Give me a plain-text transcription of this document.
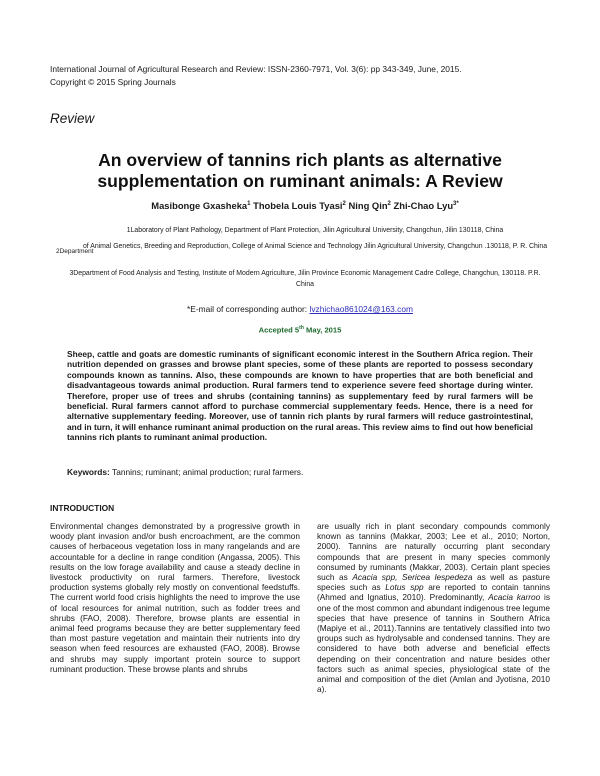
International Journal of Agricultural Research and Review: ISSN-2360-7971, Vol. 3(6): pp 343-349, June, 2015.
Copyright © 2015 Spring Journals
Review
An overview of tannins rich plants as alternative supplementation on ruminant animals: A Review
Masibonge Gxasheka$^1$ Thobela Louis Tyasi$^2$ Ning Qin$^2$ Zhi-Chao Lyu$^{3*}$
1Laboratory of Plant Pathology, Department of Plant Protection, Jilin Agricultural University, Changchun, Jilin 130118, China
2Department
of Animal Genetics, Breeding and Reproduction, College of Animal Science and Technology Jilin Agricultural University, Changchun .130118, P. R. China
3Department of Food Analysis and Testing, Institute of Modern Agriculture, Jilin Province Economic Management Cadre College, Changchun, 130118. P.R. China
*E-mail of corresponding author: lvzhichao861024@163.com
Accepted 5th May, 2015
Sheep, cattle and goats are domestic ruminants of significant economic interest in the Southern Africa region. Their nutrition depended on grasses and browse plant species, some of these plants are reported to possess secondary compounds known as tannins. Also, these compounds are known to have properties that are both beneficial and disadvantageous towards animal production. Rural farmers tend to experience severe feed shortage during winter. Therefore, proper use of trees and shrubs (containing tannins) as supplementary feed by rural farmers will be beneficial. Rural farmers cannot afford to purchase commercial supplementary feeds. Hence, there is a need for alternative supplementary feeding. Moreover, use of tannin rich plants by rural farmers will reduce gastrointestinal, and in turn, it will enhance ruminant animal production on the rural areas. This review aims to find out how beneficial tannins rich plants to ruminant animal production.
Keywords: Tannins; ruminant; animal production; rural farmers.
INTRODUCTION
Environmental changes demonstrated by a progressive growth in woody plant invasion and/or bush encroachment, are the common causes of herbaceous vegetation loss in many rangelands and are accountable for a decline in range condition (Angassa, 2005). This results on the low forage availability and cause a steady decline in livestock productivity on rural farmers. Therefore, livestock production systems globally rely mostly on conventional feedstuffs. The current world food crisis highlights the need to improve the use of local resources for animal nutrition, such as fodder trees and shrubs (FAO, 2008). Therefore, browse plants are essential in animal feed programs because they are better supplementary feed than most pasture vegetation and maintain their nutrients into dry season when feed resources are exhausted (FAO, 2008). Browse and shrubs may supply important protein source to support ruminant production. These browse plants and shrubs
are usually rich in plant secondary compounds commonly known as tannins (Makkar, 2003; Lee et al., 2010; Norton, 2000). Tannins are naturally occurring plant secondary compounds that are present in many species commonly consumed by ruminants (Makkar, 2003). Certain plant species such as Acacia spp, Sericea lespedeza as well as pasture species such as Lotus spp are reported to contain tannins (Ahmed and Ignatius, 2010). Predominantly, Acacia karroo is one of the most common and abundant indigenous tree legume species that have presence of tannins in Southern Africa (Mapiye et al., 2011).Tannins are tentatively classified into two groups such as hydrolysable and condensed tannins. They are considered to have both adverse and beneficial effects depending on their concentration and nature besides other factors such as animal species, physiological state of the animal and composition of the diet (Amlan and Jyotisna, 2010 a).
